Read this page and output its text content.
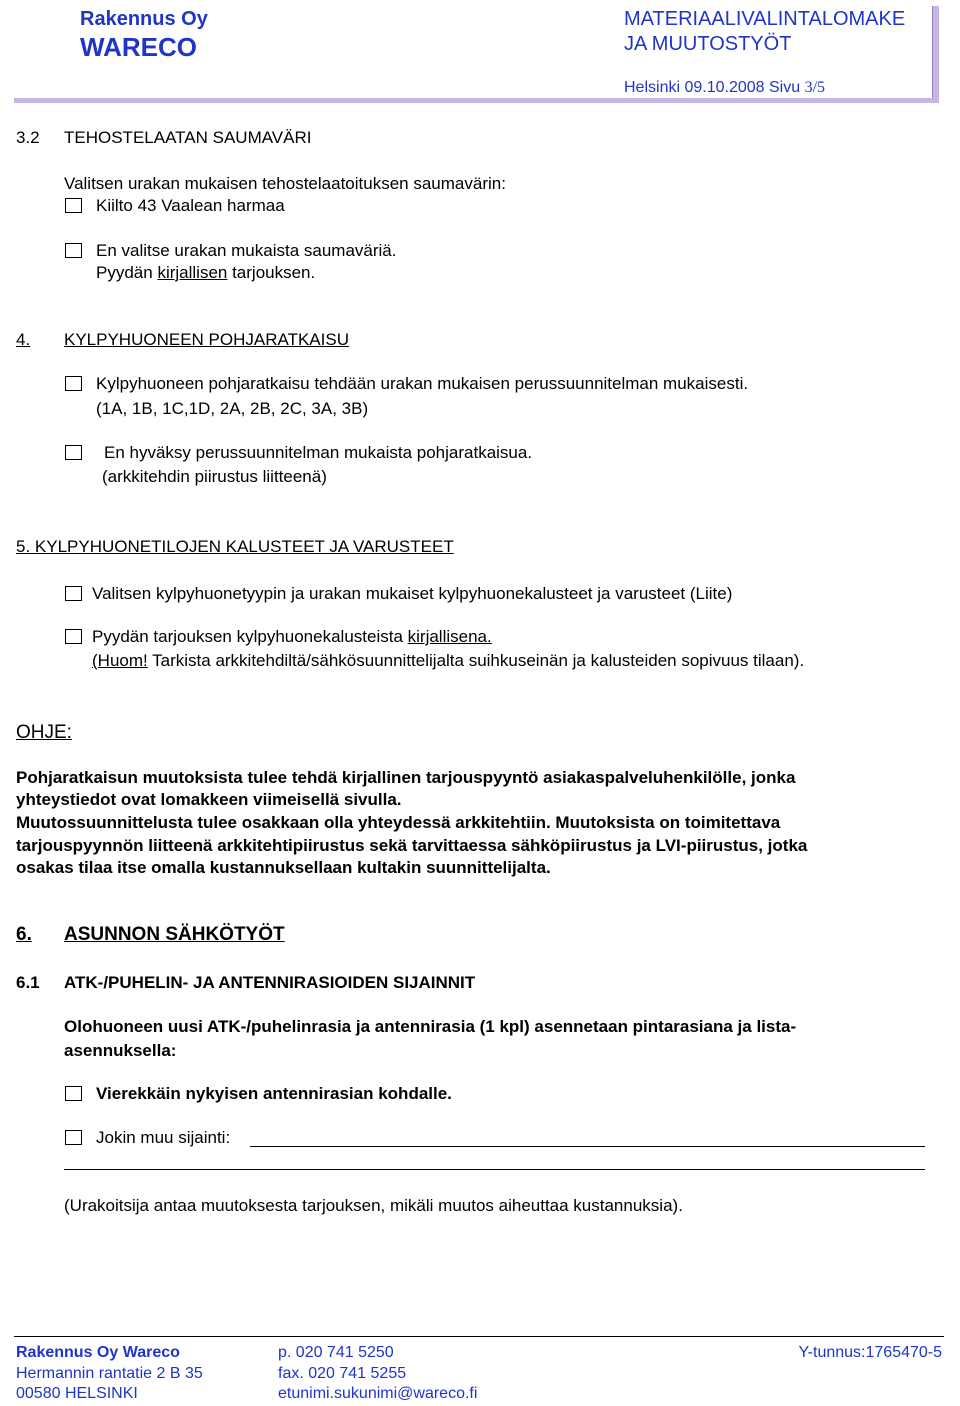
Rakennus Oy
WARECO
MATERIAALIVALINTALOMAKE
JA MUUTOSTYÖT
Helsinki 09.10.2008 Sivu 3/5
3.2 TEHOSTELAATAN SAUMAVÄRI
Valitsen urakan mukaisen tehostelaatoituksen saumavärin:
Kiilto 43 Vaalean harmaa
En valitse urakan mukaista saumaväriä.
Pyydän kirjallisen tarjouksen.
4.	KYLPYHUONEEN POHJARATKAISU
Kylpyhuoneen pohjaratkaisu tehdään urakan mukaisen perussuunnitelman mukaisesti.
(1A, 1B, 1C,1D, 2A, 2B, 2C, 3A, 3B)
En hyväksy perussuunnitelman mukaista pohjaratkaisua.
(arkkitehdin piirustus liitteenä)
5. KYLPYHUONETILOJEN KALUSTEET JA VARUSTEET
Valitsen kylpyhuonetyypin ja urakan mukaiset kylpyhuonekalusteet ja varusteet (Liite)
Pyydän tarjouksen kylpyhuonekalusteista kirjallisena.
(Huom! Tarkista arkkitehdiltä/sähkösuunnittelijalta suihkuseinän ja kalusteiden sopivuus tilaan).
OHJE:
Pohjaratkaisun muutoksista tulee tehdä kirjallinen tarjouspyyntö asiakaspalveluhenkilölle, jonka
yhteystiedot ovat lomakkeen viimeisellä sivulla.
Muutossuunnittelusta tulee osakkaan olla yhteydessä arkkitehtiin. Muutoksista on toimitettava
tarjouspyynnön liitteenä arkkitehtipiirustus sekä tarvittaessa sähköpiirustus ja LVI-piirustus, jotka
osakas tilaa itse omalla kustannuksellaan kultakin suunnittelijalta.
6.	ASUNNON SÄHKÖTYÖT
6.1 ATK-/PUHELIN- JA ANTENNIRASIOIDEN SIJAINNIT
Olohuoneen uusi ATK-/puhelinrasia ja antennirasia (1 kpl) asennetaan pintarasiana ja lista-
asennuksella:
Vierekkäin nykyisen antennirasian kohdalle.
Jokin muu sijainti:
(Urakoitsija antaa muutoksesta tarjouksen, mikäli muutos aiheuttaa kustannuksia).
Rakennus Oy Wareco
Hermannin rantatie 2 B 35
00580 HELSINKI
p. 020 741 5250
fax. 020 741 5255
etunimi.sukunimi@wareco.fi
Y-tunnus:1765470-5
